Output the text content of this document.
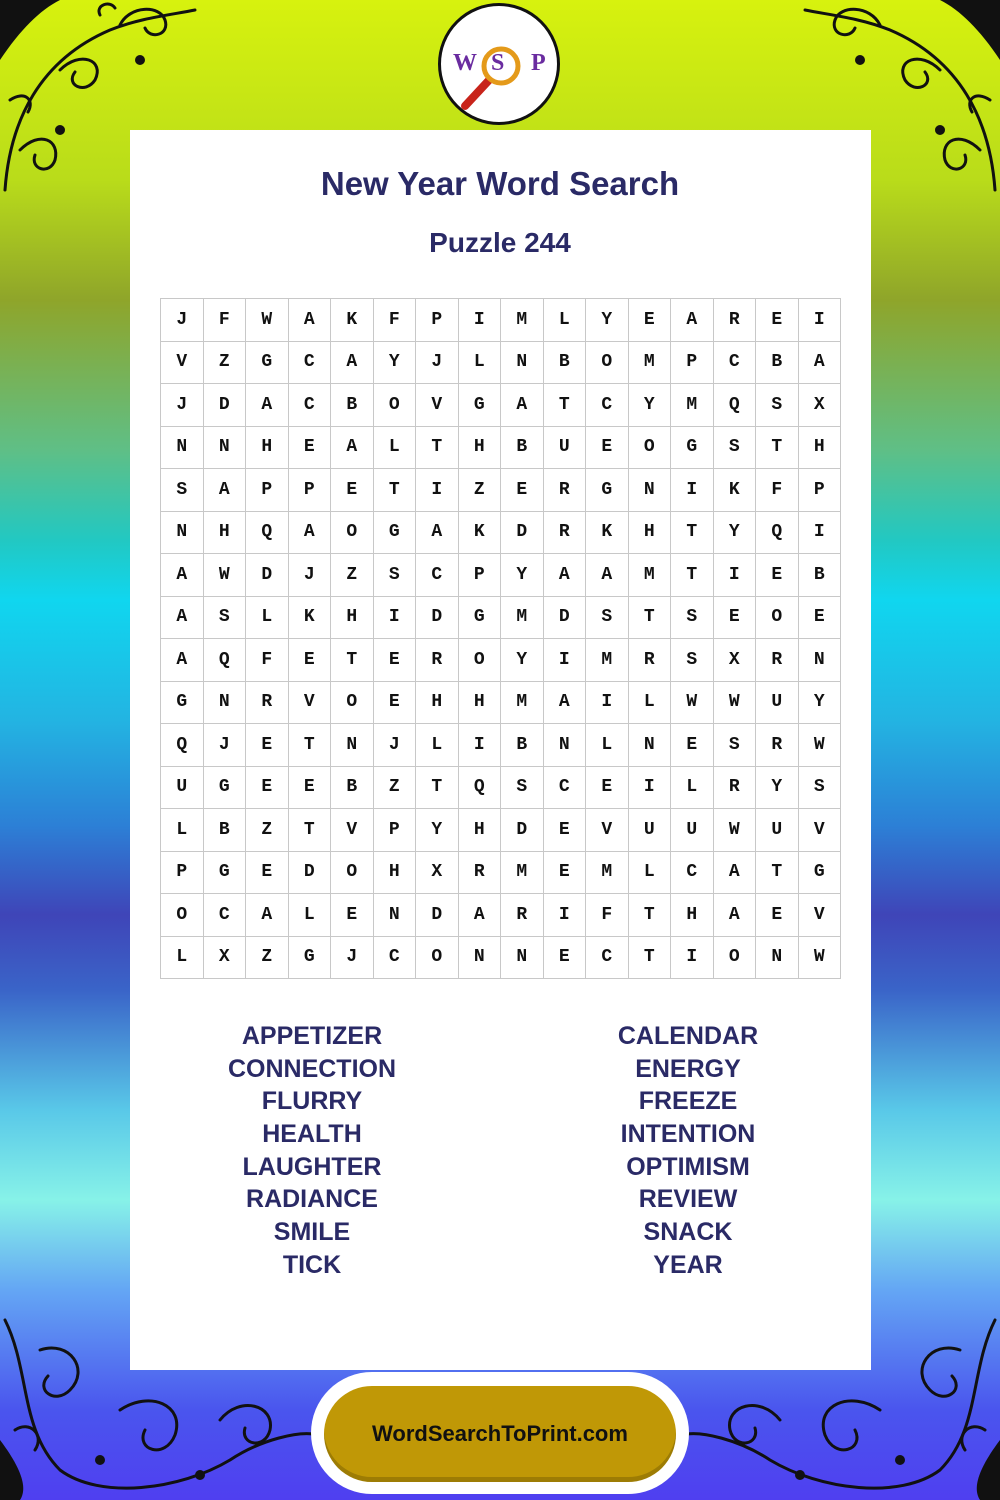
W S P
New Year Word Search
Puzzle 244
J	F	W	A	K	F	P	I	M	L	Y	E	A	R	E	I
V	Z	G	C	A	Y	J	L	N	B	O	M	P	C	B	A
J	D	A	C	B	O	V	G	A	T	C	Y	M	Q	S	X
N	N	H	E	A	L	T	H	B	U	E	O	G	S	T	H
S	A	P	P	E	T	I	Z	E	R	G	N	I	K	F	P
N	H	Q	A	O	G	A	K	D	R	K	H	T	Y	Q	I
A	W	D	J	Z	S	C	P	Y	A	A	M	T	I	E	B
A	S	L	K	H	I	D	G	M	D	S	T	S	E	O	E
A	Q	F	E	T	E	R	O	Y	I	M	R	S	X	R	N
G	N	R	V	O	E	H	H	M	A	I	L	W	W	U	Y
Q	J	E	T	N	J	L	I	B	N	L	N	E	S	R	W
U	G	E	E	B	Z	T	Q	S	C	E	I	L	R	Y	S
L	B	Z	T	V	P	Y	H	D	E	V	U	U	W	U	V
P	G	E	D	O	H	X	R	M	E	M	L	C	A	T	G
O	C	A	L	E	N	D	A	R	I	F	T	H	A	E	V
L	X	Z	G	J	C	O	N	N	E	C	T	I	O	N	W
APPETIZER
CONNECTION
FLURRY
HEALTH
LAUGHTER
RADIANCE
SMILE
TICK
CALENDAR
ENERGY
FREEZE
INTENTION
OPTIMISM
REVIEW
SNACK
YEAR
WordSearchToPrint.com
